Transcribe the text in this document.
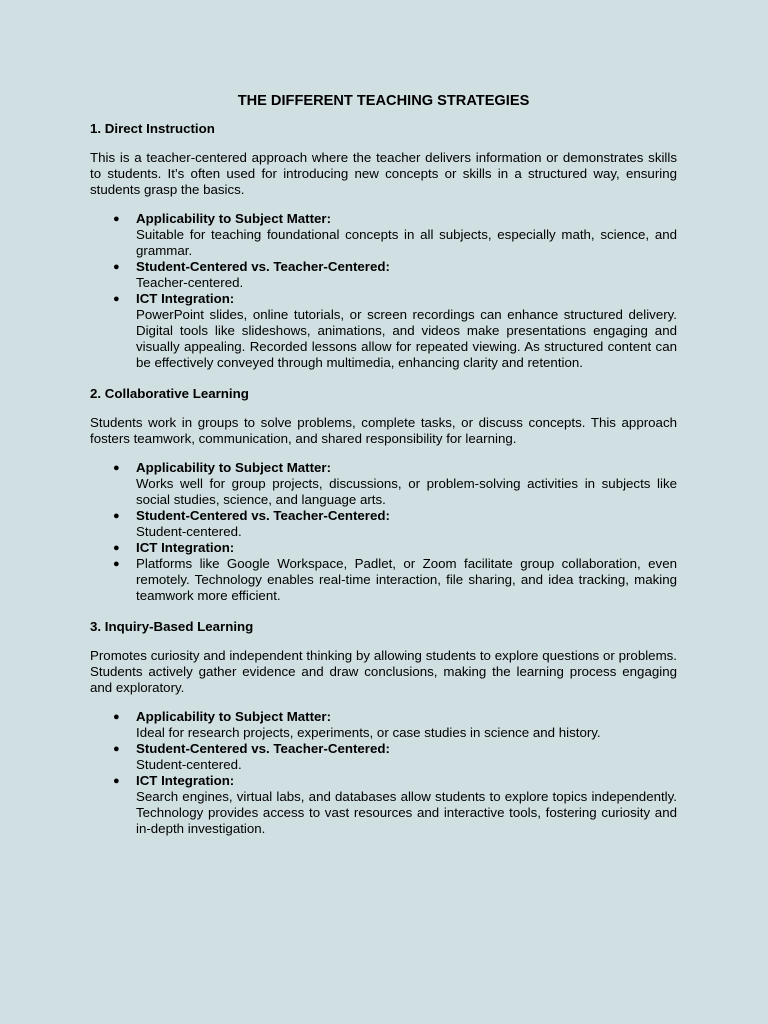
THE DIFFERENT TEACHING STRATEGIES
1. Direct Instruction
This is a teacher-centered approach where the teacher delivers information or demonstrates skills to students. It’s often used for introducing new concepts or skills in a structured way, ensuring students grasp the basics.
● Applicability to Subject Matter:
Suitable for teaching foundational concepts in all subjects, especially math, science, and grammar.
● Student-Centered vs. Teacher-Centered:
Teacher-centered.
● ICT Integration:
PowerPoint slides, online tutorials, or screen recordings can enhance structured delivery. Digital tools like slideshows, animations, and videos make presentations engaging and visually appealing. Recorded lessons allow for repeated viewing. As structured content can be effectively conveyed through multimedia, enhancing clarity and retention.
2. Collaborative Learning
Students work in groups to solve problems, complete tasks, or discuss concepts. This approach fosters teamwork, communication, and shared responsibility for learning.
● Applicability to Subject Matter:
Works well for group projects, discussions, or problem-solving activities in subjects like social studies, science, and language arts.
● Student-Centered vs. Teacher-Centered:
Student-centered.
● ICT Integration:
● Platforms like Google Workspace, Padlet, or Zoom facilitate group collaboration, even remotely. Technology enables real-time interaction, file sharing, and idea tracking, making teamwork more efficient.
3. Inquiry-Based Learning
Promotes curiosity and independent thinking by allowing students to explore questions or problems. Students actively gather evidence and draw conclusions, making the learning process engaging and exploratory.
● Applicability to Subject Matter:
Ideal for research projects, experiments, or case studies in science and history.
● Student-Centered vs. Teacher-Centered:
Student-centered.
● ICT Integration:
Search engines, virtual labs, and databases allow students to explore topics independently. Technology provides access to vast resources and interactive tools, fostering curiosity and in-depth investigation.
